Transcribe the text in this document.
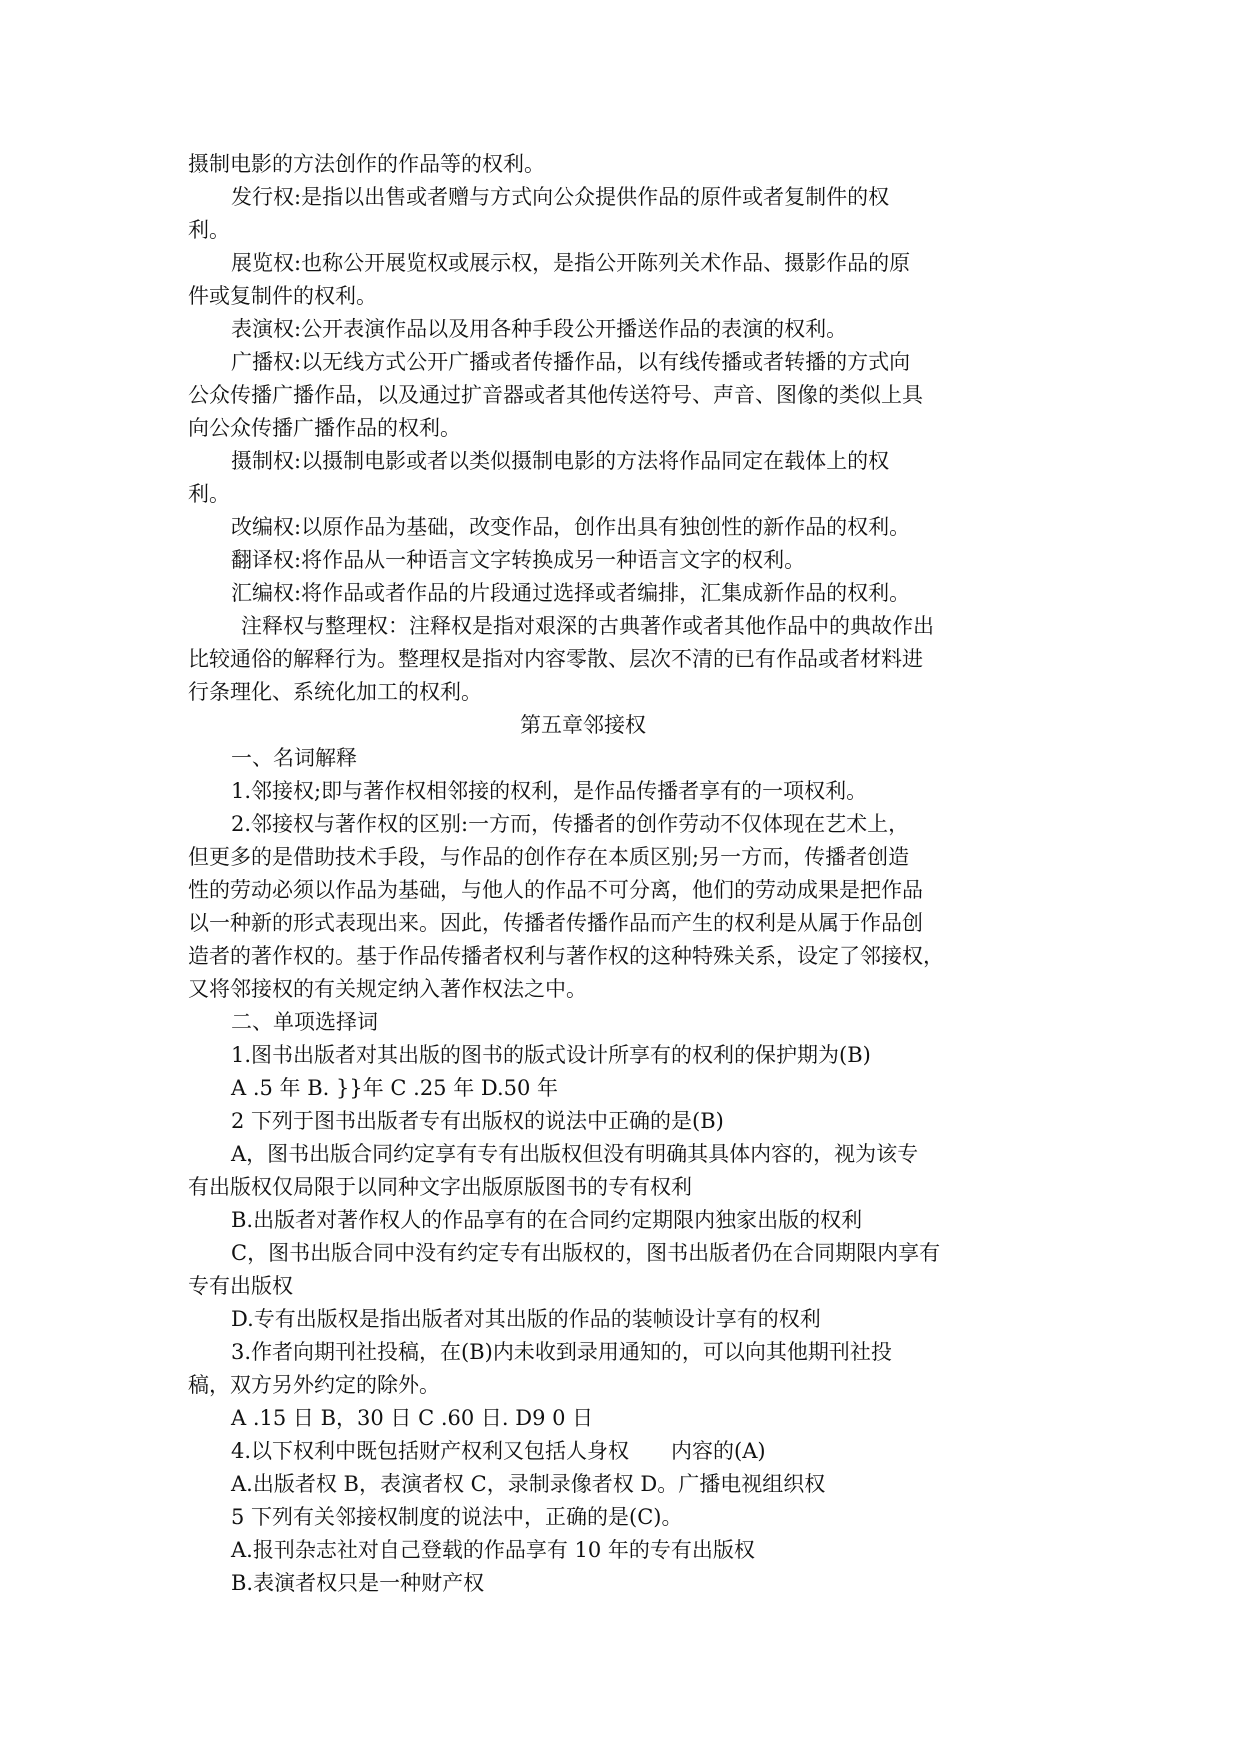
摄制电影的方法创作的作品等的权利。
发行权:是指以出售或者赠与方式向公众提供作品的原件或者复制件的权
利。
展览权:也称公开展览权或展示权，是指公开陈列关术作品、摄影作品的原
件或复制件的权利。
表演权:公开表演作品以及用各种手段公开播送作品的表演的权利。
广播权:以无线方式公开广播或者传播作品，以有线传播或者转播的方式向
公众传播广播作品，以及通过扩音器或者其他传送符号、声音、图像的类似上具
向公众传播广播作品的权利。
摄制权:以摄制电影或者以类似摄制电影的方法将作品同定在载体上的权
利。
改编权:以原作品为基础，改变作品，创作出具有独创性的新作品的权利。
翻译权:将作品从一种语言文字转换成另一种语言文字的权利。
汇编权:将作品或者作品的片段通过选择或者编排，汇集成新作品的权利。
注释权与整理权：注释权是指对艰深的古典著作或者其他作品中的典故作出
比较通俗的解释行为。整理权是指对内容零散、层次不清的已有作品或者材料进
行条理化、系统化加工的权利。
第五章邻接权
一、名词解释
1.邻接权;即与著作权相邻接的权利，是作品传播者享有的一项权利。
2.邻接权与著作权的区别:一方而，传播者的创作劳动不仅体现在艺术上，
但更多的是借助技术手段，与作品的创作存在本质区别;另一方而，传播者创造
性的劳动必须以作品为基础，与他人的作品不可分离，他们的劳动成果是把作品
以一种新的形式表现出来。因此，传播者传播作品而产生的权利是从属于作品创
造者的著作权的。基于作品传播者权利与著作权的这种特殊关系，设定了邻接权，
又将邻接权的有关规定纳入著作权法之中。
二、单项选择词
1.图书出版者对其出版的图书的版式设计所享有的权利的保护期为(B)
A .5 年 B. }}年 C .25 年 D.50 年
2 下列于图书出版者专有出版权的说法中正确的是(B)
A，图书出版合同约定享有专有出版权但没有明确其具体内容的，视为该专
有出版权仅局限于以同种文字出版原版图书的专有权利
B.出版者对著作权人的作品享有的在合同约定期限内独家出版的权利
C，图书出版合同中没有约定专有出版权的，图书出版者仍在合同期限内享有
专有出版权
D.专有出版权是指出版者对其出版的作品的装帧设计享有的权利
3.作者向期刊社投稿，在(B)内未收到录用通知的，可以向其他期刊社投
稿，双方另外约定的除外。
A .15 日 B，30 日 C .60 日. D9 0 日
4.以下权利中既包括财产权利又包括人身权　　内容的(A)
A.出版者权 B，表演者权 C，录制录像者权 D。广播电视组织权
5 下列有关邻接权制度的说法中，正确的是(C)。
A.报刊杂志社对自己登载的作品享有 10 年的专有出版权
B.表演者权只是一种财产权
